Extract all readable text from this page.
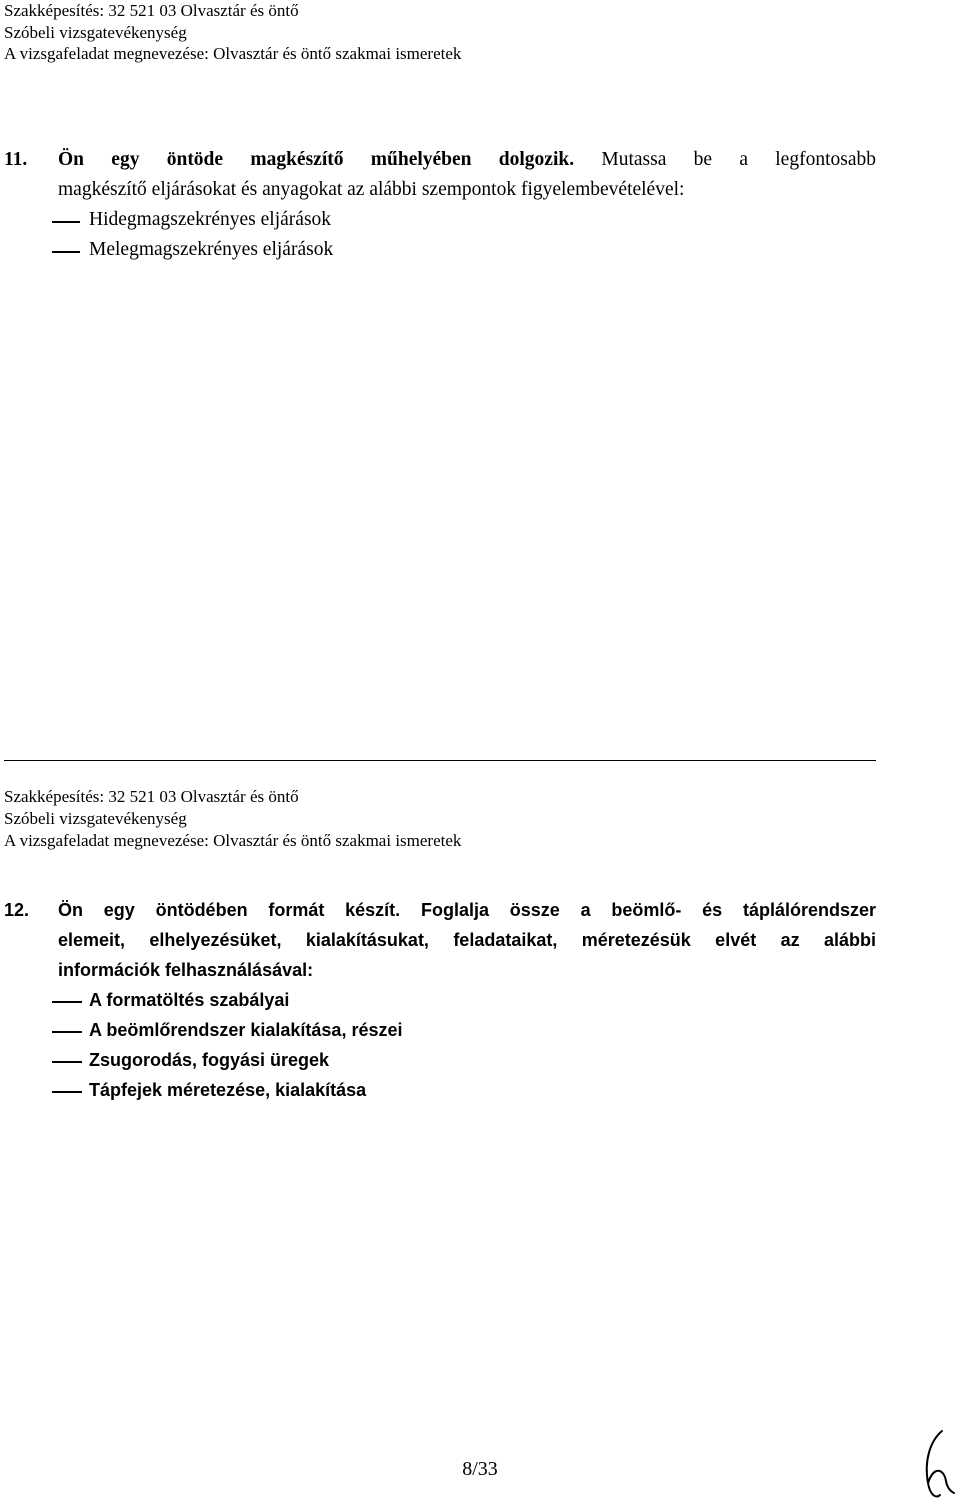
Szakképesítés: 32 521 03 Olvasztár és öntő
Szóbeli vizsgatevékenység
A vizsgafeladat megnevezése: Olvasztár és öntő szakmai ismeretek
11. Ön egy öntöde magkészítő műhelyében dolgozik. Mutassa be a legfontosabb
magkészítő eljárásokat és anyagokat az alábbi szempontok figyelembevételével:
Hidegmagszekrényes eljárások
Melegmagszekrényes eljárások
Szakképesítés: 32 521 03 Olvasztár és öntő
Szóbeli vizsgatevékenység
A vizsgafeladat megnevezése: Olvasztár és öntő szakmai ismeretek
12. Ön egy öntödében formát készít. Foglalja össze a beömlő- és táplálórendszer
elemeit, elhelyezésüket, kialakításukat, feladataikat, méretezésük elvét az alábbi
információk felhasználásával:
A formatöltés szabályai
A beömlőrendszer kialakítása, részei
Zsugorodás, fogyási üregek
Tápfejek méretezése, kialakítása
8/33
